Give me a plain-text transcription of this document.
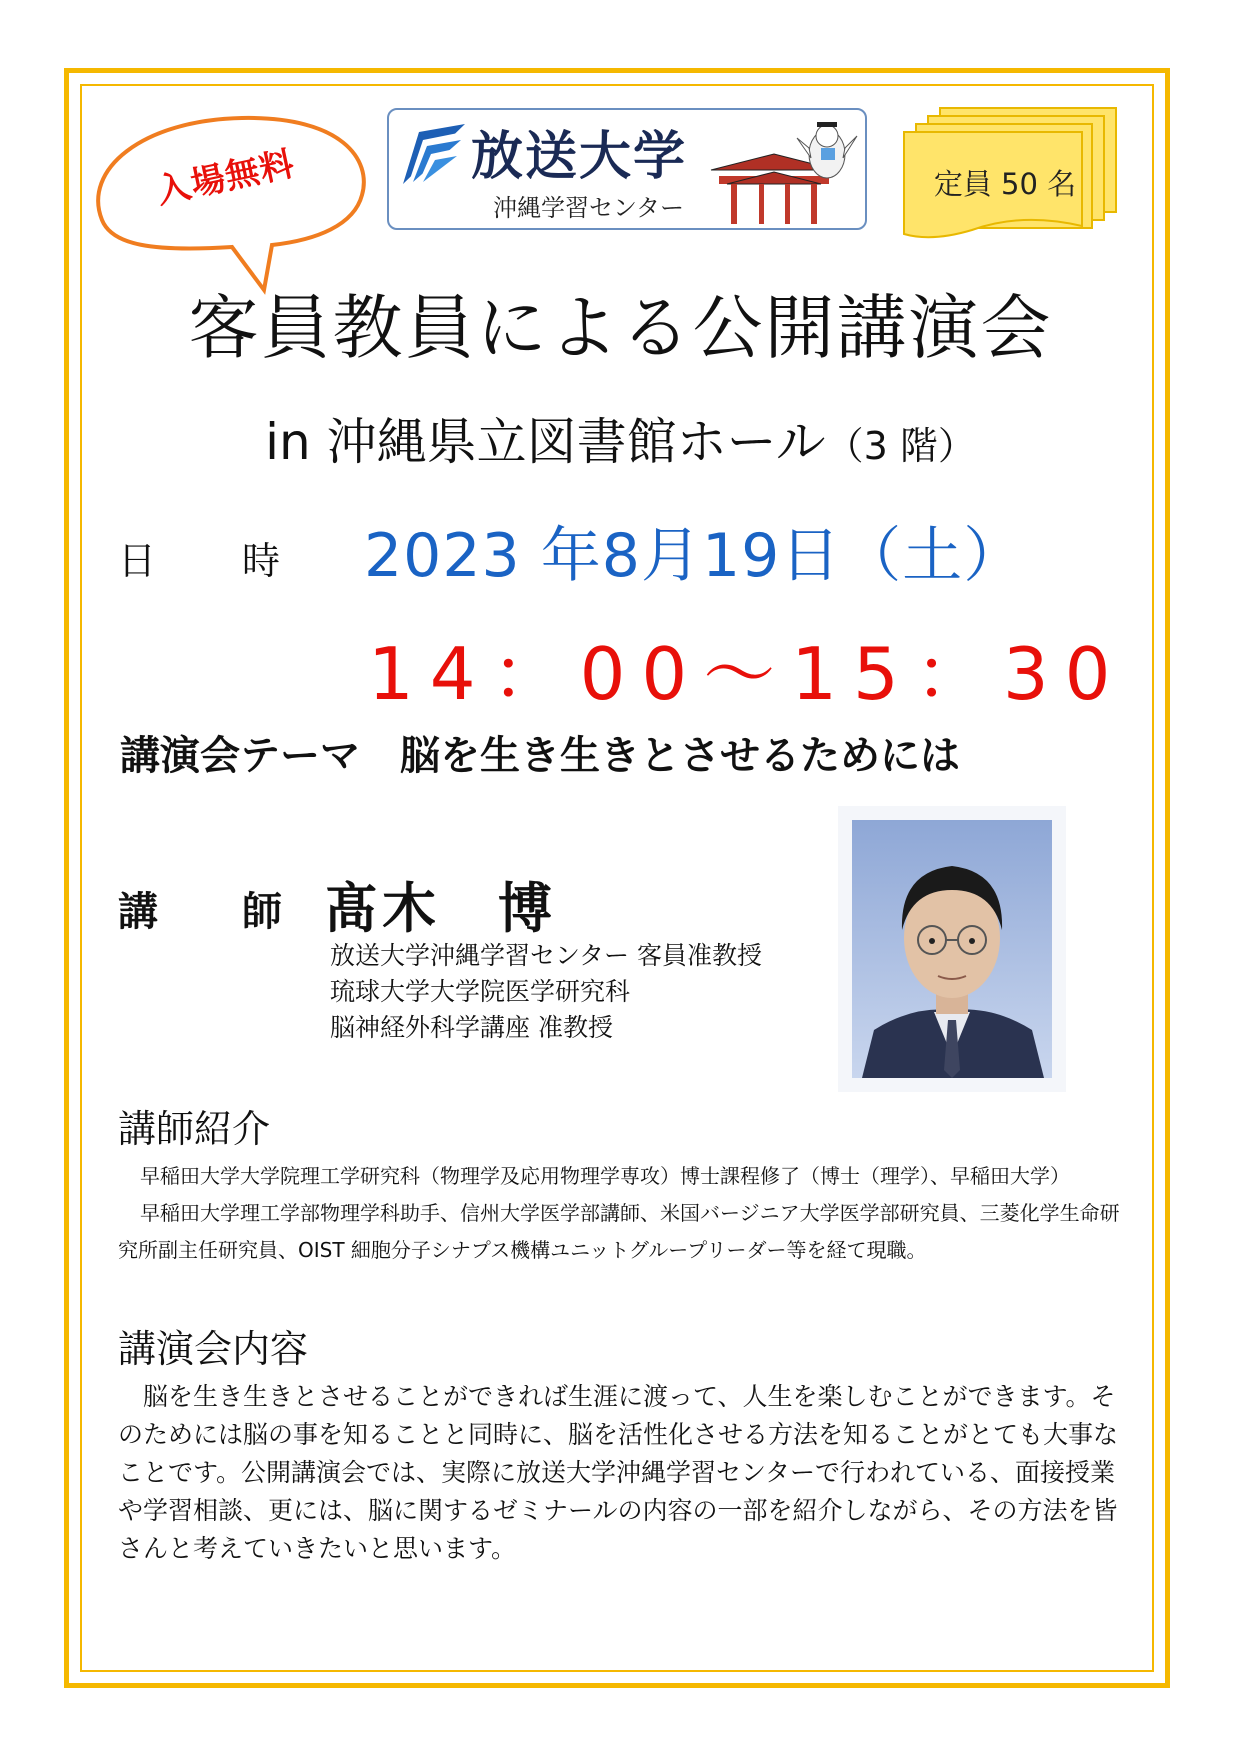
入場無料	放送大学
沖縄学習センター
定員 50 名
客員教員による公開講演会
in 沖縄県立図書館ホール（3 階）
日 時 2023 年8月19日（土）
14：00～15：30
講演会テーマ　 脳を生き生きとさせるためには
講 師 髙木　博
放送大学沖縄学習センター 客員准教授
琉球大学大学院医学研究科
脳神経外科学講座 准教授
講師紹介
早稲田大学大学院理工学研究科（物理学及応用物理学専攻）博士課程修了（博士（理学）、早稲田大学）
早稲田大学理工学部物理学科助手、信州大学医学部講師、米国バージニア大学医学部研究員、三菱化学生命研究所副主任研究員、OIST 細胞分子シナプス機構ユニットグループリーダー等を経て現職。
講演会内容
脳を生き生きとさせることができれば生涯に渡って、人生を楽しむことができます。そのためには脳の事を知ることと同時に、脳を活性化させる方法を知ることがとても大事なことです。公開講演会では、実際に放送大学沖縄学習センターで行われている、面接授業や学習相談、更には、脳に関するゼミナールの内容の一部を紹介しながら、その方法を皆さんと考えていきたいと思います。
